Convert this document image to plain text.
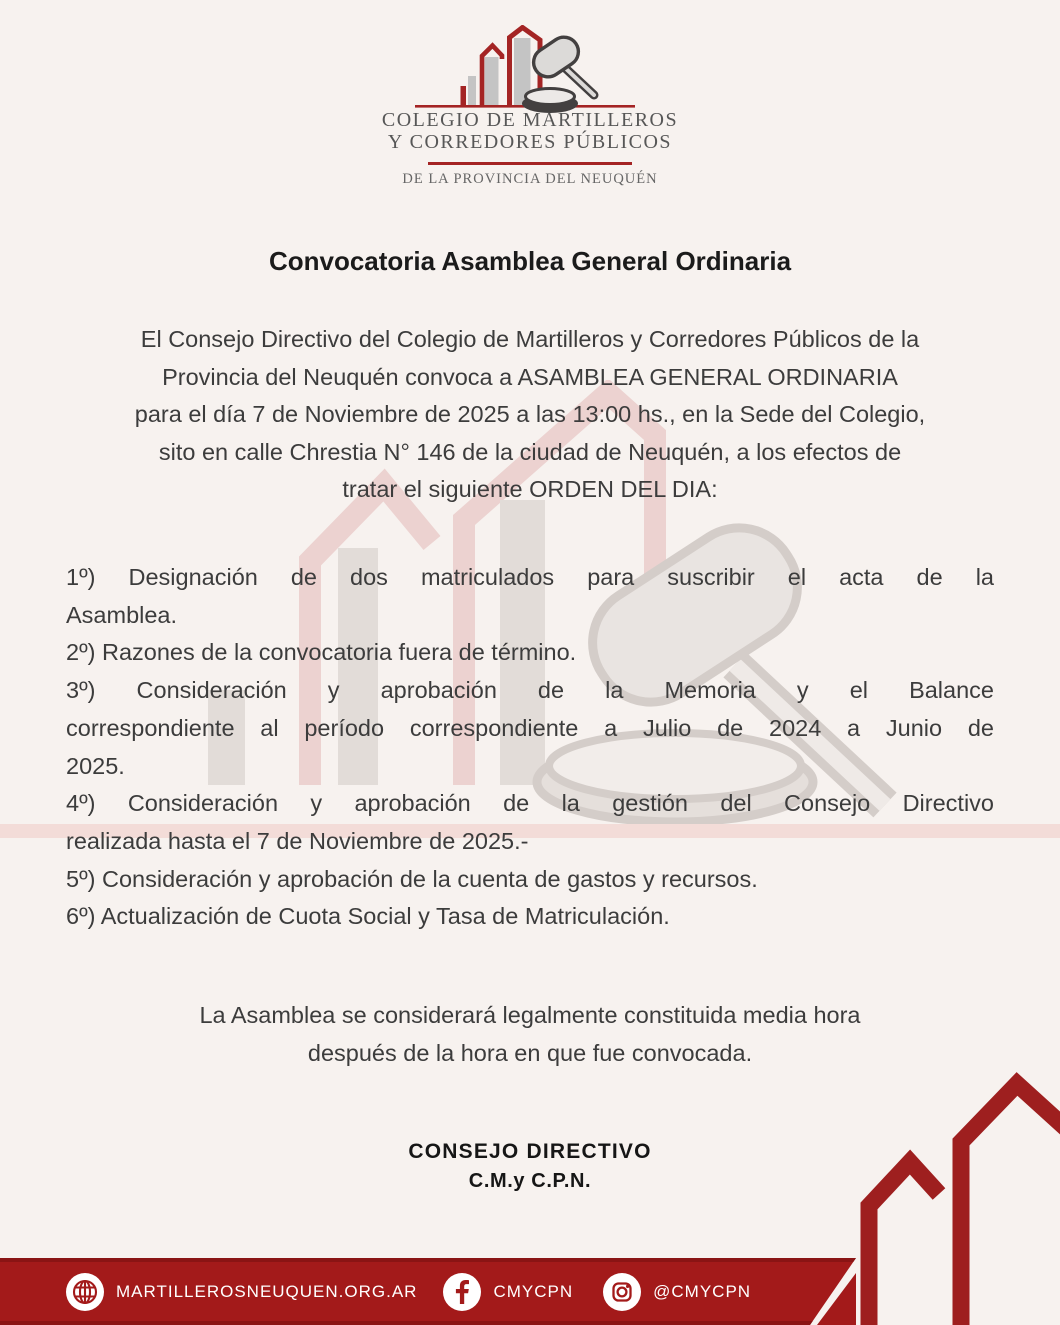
COLEGIO DE MARTILLEROS
Y CORREDORES PÚBLICOS
DE LA PROVINCIA DEL NEUQUÉN
Convocatoria Asamblea General Ordinaria
El Consejo Directivo del Colegio de Martilleros y Corredores Públicos de la
Provincia del Neuquén convoca a ASAMBLEA GENERAL ORDINARIA
para el día 7 de Noviembre de 2025 a las 13:00 hs., en la Sede del Colegio,
sito en calle Chrestia N° 146 de la ciudad de Neuquén, a los efectos de
tratar el siguiente ORDEN DEL DIA:

1º) Designación de dos matriculados para suscribir el acta de la
Asamblea.

2º) Razones de la convocatoria fuera de término.

3º) Consideración y aprobación de la Memoria y el Balance
correspondiente al período correspondiente a Julio de 2024 a Junio de
2025.

4º) Consideración y aprobación de la gestión del Consejo Directivo
realizada hasta el 7 de Noviembre de 2025.-

5º) Consideración y aprobación de la cuenta de gastos y recursos.

6º) Actualización de Cuota Social y Tasa de Matriculación.

La Asamblea se considerará legalmente constituida media hora
después de la hora en que fue convocada.
CONSEJO DIRECTIVO
C.M.y C.P.N.
MARTILLEROSNEUQUEN.ORG.AR	CMYCPN	@CMYCPN
